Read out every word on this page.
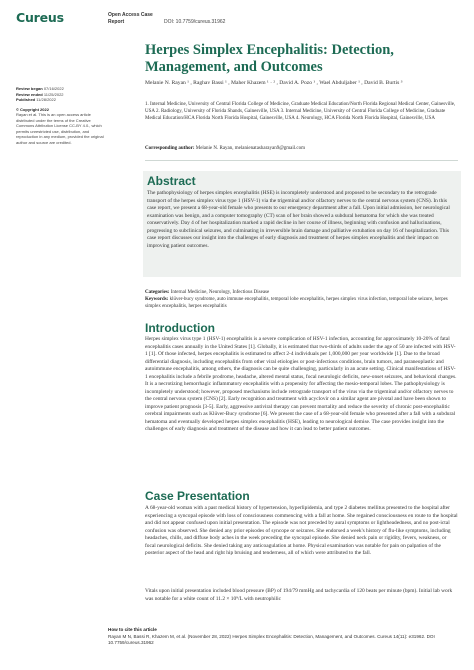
Cureus	Open Access Case
Report	DOI: 10.7759/cureus.31962
Review began 07/16/2022
Review ended 11/25/2022
Published 11/28/2022
© Copyright 2022
Rayan et al. This is an open access article distributed under the terms of the Creative Commons Attribution License CC-BY 4.0., which permits unrestricted use, distribution, and reproduction in any medium, provided the original author and source are credited.
Herpes Simplex Encephalitis: Detection, Management, and Outcomes
Melanie N. Rayan ¹ , Raghav Bassi ¹ , Maher Khazem ¹ · ² , David A. Pozo ¹ , Wael Abduljaber ¹ , David B. Burtis ³
1. Internal Medicine, University of Central Florida College of Medicine, Graduate Medical Education/North Florida Regional Medical Center, Gainesville, USA 2. Radiology, University of Florida Shands, Gainesville, USA 3. Internal Medicine, University of Central Florida College of Medicine, Graduate Medical Education/HCA Florida North Florida Hospital, Gainesville, USA 4. Neurology, HCA Florida North Florida Hospital, Gainesville, USA
Corresponding author: Melanie N. Rayan, melanienatasharayan9@gmail.com
Abstract
The pathophysiology of herpes simplex encephalitis (HSE) is incompletely understood and proposed to be secondary to the retrograde transport of the herpes simplex virus type 1 (HSV-1) via the trigeminal and/or olfactory nerves to the central nervous system (CNS). In this case report, we present a 68-year-old female who presents to our emergency department after a fall. Upon initial admission, her neurological examination was benign, and a computer tomography (CT) scan of her brain showed a subdural hematoma for which she was treated conservatively. Day 4 of her hospitalization marked a rapid decline in her course of illness, beginning with confusion and hallucinations, progressing to subclinical seizures, and culminating in irreversible brain damage and palliative extubation on day 16 of hospitalization. This case report discusses our insight into the challenges of early diagnosis and treatment of herpes simplex encephalitis and their impact on improving patient outcomes.
Categories: Internal Medicine, Neurology, Infectious Disease
Keywords: klüver-bucy syndrome, auto immune encephalitis, temporal lobe encephalitis, herpes simplex virus infection, temporal lobe seizure, herpes simplex encephalitis, herpes encephalitis
Introduction
Herpes simplex virus type 1 (HSV-1) encephalitis is a severe complication of HSV-1 infection, accounting for approximately 10-20% of fatal encephalitis cases annually in the United States [1]. Globally, it is estimated that two-thirds of adults under the age of 50 are infected with HSV-1 [1]. Of those infected, herpes encephalitis is estimated to affect 2-4 individuals per 1,000,000 per year worldwide [1]. Due to the broad differential diagnosis, including encephalitis from other viral etiologies or post-infectious conditions, brain tumors, and paraneoplastic and autoimmune encephalitis, among others, the diagnosis can be quite challenging, particularly in an acute setting. Clinical manifestations of HSV-1 encephalitis include a febrile prodrome, headache, altered mental status, focal neurologic deficits, new-onset seizures, and behavioral changes. It is a necrotizing hemorrhagic inflammatory encephalitis with a propensity for affecting the mesio-temporal lobes. The pathophysiology is incompletely understood; however, proposed mechanisms include retrograde transport of the virus via the trigeminal and/or olfactory nerves to the central nervous system (CNS) [2]. Early recognition and treatment with acyclovir on a similar agent are pivotal and have been shown to improve patient prognosis [3-5]. Early, aggressive antiviral therapy can prevent mortality and reduce the severity of chronic post-encephalitic cerebral impairments such as Klüver-Bucy syndrome [6]. We present the case of a 68-year-old female who presented after a fall with a subdural hematoma and eventually developed herpes simplex encephalitis (HSE), leading to neurological demise. The case provides insight into the challenges of early diagnosis and treatment of the disease and how it can lead to better patient outcomes.
Case Presentation
A 68-year-old woman with a past medical history of hypertension, hyperlipidemia, and type 2 diabetes mellitus presented to the hospital after experiencing a syncopal episode with loss of consciousness commencing with a fall at home. She regained consciousness en route to the hospital and did not appear confused upon initial presentation. The episode was not preceded by aural symptoms or lightheadedness, and no post-ictal confusion was observed. She denied any prior episodes of syncope or seizures. She endorsed a week's history of flu-like symptoms, including headaches, chills, and diffuse body aches in the week preceding the syncopal episode. She denied neck pain or rigidity, fevers, weakness, or focal neurological deficits. She denied taking any anticoagulation at home. Physical examination was notable for pain on palpation of the posterior aspect of the head and right hip bruising and tenderness, all of which were attributed to the fall.
Vitals upon initial presentation included blood pressure (BP) of 194/79 mmHg and tachycardia of 120 beats per minute (bpm). Initial lab work was notable for a white count of 11.2 × 10⁹/L with neutrophilic
How to cite this article
Rayan M N, Bassi R, Khazem M, et al. (November 28, 2022) Herpes Simplex Encephalitis: Detection, Management, and Outcomes. Cureus 14(11): e31962. DOI 10.7759/cureus.31962
